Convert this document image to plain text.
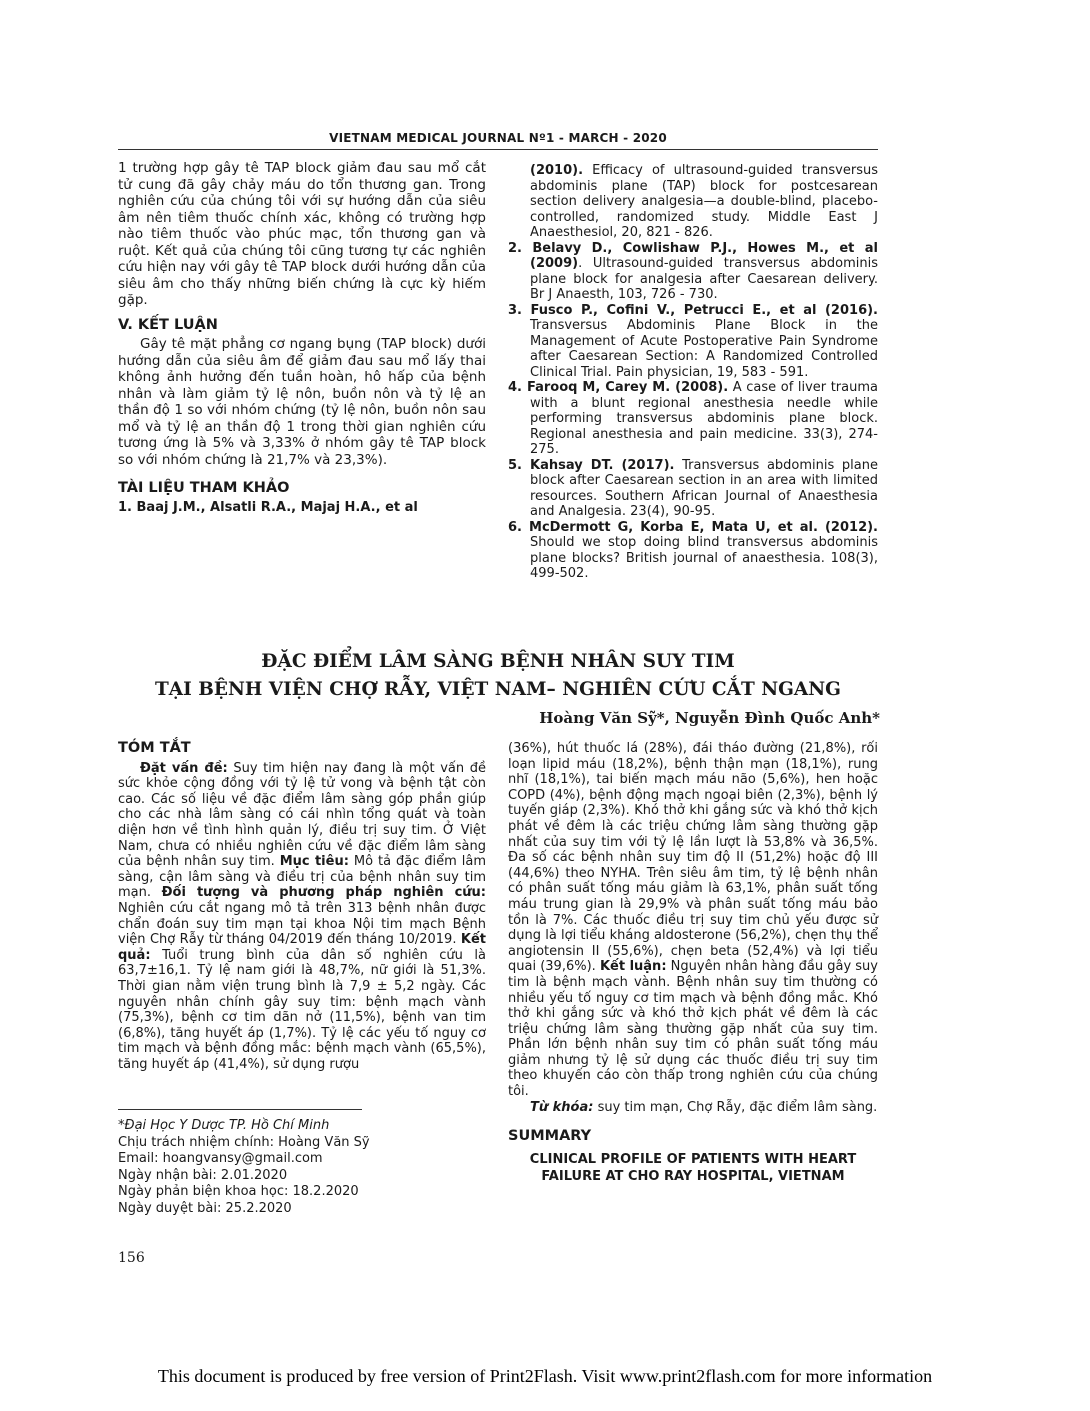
VIETNAM MEDICAL JOURNAL Nº1 - MARCH - 2020

1 trường hợp gây tê TAP block giảm đau sau mổ cắt tử cung đã gây chảy máu do tổn thương gan. Trong nghiên cứu của chúng tôi với sự hướng dẫn của siêu âm nên tiêm thuốc chính xác, không có trường hợp nào tiêm thuốc vào phúc mạc, tổn thương gan và ruột. Kết quả của chúng tôi cũng tương tự các nghiên cứu hiện nay với gây tê TAP block dưới hướng dẫn của siêu âm cho thấy những biến chứng là cực kỳ hiếm gặp.

V. KẾT LUẬN

Gây tê mặt phẳng cơ ngang bụng (TAP block) dưới hướng dẫn của siêu âm để giảm đau sau mổ lấy thai không ảnh hưởng đến tuần hoàn, hô hấp của bệnh nhân và làm giảm tỷ lệ nôn, buồn nôn và tỷ lệ an thần độ 1 so với nhóm chứng (tỷ lệ nôn, buồn nôn sau mổ và tỷ lệ an thần độ 1 trong thời gian nghiên cứu tương ứng là 5% và 3,33% ở nhóm gây tê TAP block so với nhóm chứng là 21,7% và 23,3%).

TÀI LIỆU THAM KHẢO
1. Baaj J.M., Alsatli R.A., Majaj H.A., et al
(2010). Efficacy of ultrasound-guided transversus abdominis plane (TAP) block for postcesarean section delivery analgesia—a double-blind, placebo-controlled, randomized study. Middle East J Anaesthesiol, 20, 821 - 826.
2. Belavy D., Cowlishaw P.J., Howes M., et al (2009). Ultrasound-guided transversus abdominis plane block for analgesia after Caesarean delivery. Br J Anaesth, 103, 726 - 730.
3. Fusco P., Cofini V., Petrucci E., et al (2016). Transversus Abdominis Plane Block in the Management of Acute Postoperative Pain Syndrome after Caesarean Section: A Randomized Controlled Clinical Trial. Pain physician, 19, 583 - 591.
4. Farooq M, Carey M. (2008). A case of liver trauma with a blunt regional anesthesia needle while performing transversus abdominis plane block. Regional anesthesia and pain medicine. 33(3), 274-275.
5. Kahsay DT. (2017). Transversus abdominis plane block after Caesarean section in an area with limited resources. Southern African Journal of Anaesthesia and Analgesia. 23(4), 90-95.
6. McDermott G, Korba E, Mata U, et al. (2012). Should we stop doing blind transversus abdominis plane blocks? British journal of anaesthesia. 108(3), 499-502.
ĐẶC ĐIỂM LÂM SÀNG BỆNH NHÂN SUY TIM
TẠI BỆNH VIỆN CHỢ RẪY, VIỆT NAM– NGHIÊN CỨU CẮT NGANG
Hoàng Văn Sỹ*, Nguyễn Đình Quốc Anh*
TÓM TẮT

Đặt vấn đề: Suy tim hiện nay đang là một vấn đề sức khỏe cộng đồng với tỷ lệ tử vong và bệnh tật còn cao. Các số liệu về đặc điểm lâm sàng góp phần giúp cho các nhà lâm sàng có cái nhìn tổng quát và toàn diện hơn về tình hình quản lý, điều trị suy tim. Ở Việt Nam, chưa có nhiều nghiên cứu về đặc điểm lâm sàng của bệnh nhân suy tim. Mục tiêu: Mô tả đặc điểm lâm sàng, cận lâm sàng và điều trị của bệnh nhân suy tim mạn. Đối tượng và phương pháp nghiên cứu: Nghiên cứu cắt ngang mô tả trên 313 bệnh nhân được chẩn đoán suy tim mạn tại khoa Nội tim mạch Bệnh viện Chợ Rẫy từ tháng 04/2019 đến tháng 10/2019. Kết quả: Tuổi trung bình của dân số nghiên cứu là 63,7±16,1. Tỷ lệ nam giới là 48,7%, nữ giới là 51,3%. Thời gian nằm viện trung bình là 7,9 ± 5,2 ngày. Các nguyên nhân chính gây suy tim: bệnh mạch vành (75,3%), bệnh cơ tim dãn nở (11,5%), bệnh van tim (6,8%), tăng huyết áp (1,7%). Tỷ lệ các yếu tố nguy cơ tim mạch và bệnh đồng mắc: bệnh mạch vành (65,5%), tăng huyết áp (41,4%), sử dụng rượu

(36%), hút thuốc lá (28%), đái tháo đường (21,8%), rối loạn lipid máu (18,2%), bệnh thận mạn (18,1%), rung nhĩ (18,1%), tai biến mạch máu não (5,6%), hen hoặc COPD (4%), bệnh động mạch ngoại biên (2,3%), bệnh lý tuyến giáp (2,3%). Khó thở khi gắng sức và khó thở kịch phát về đêm là các triệu chứng lâm sàng thường gặp nhất của suy tim với tỷ lệ lần lượt là 53,8% và 36,5%. Đa số các bệnh nhân suy tim độ II (51,2%) hoặc độ III (44,6%) theo NYHA. Trên siêu âm tim, tỷ lệ bệnh nhân có phân suất tống máu giảm là 63,1%, phân suất tống máu trung gian là 29,9% và phân suất tống máu bảo tồn là 7%. Các thuốc điều trị suy tim chủ yếu được sử dụng là lợi tiểu kháng aldosterone (56,2%), chẹn thụ thể angiotensin II (55,6%), chẹn beta (52,4%) và lợi tiểu quai (39,6%). Kết luận: Nguyên nhân hàng đầu gây suy tim là bệnh mạch vành. Bệnh nhân suy tim thường có nhiều yếu tố nguy cơ tim mạch và bệnh đồng mắc. Khó thở khi gắng sức và khó thở kịch phát về đêm là các triệu chứng lâm sàng thường gặp nhất của suy tim. Phần lớn bệnh nhân suy tim có phân suất tống máu giảm nhưng tỷ lệ sử dụng các thuốc điều trị suy tim theo khuyến cáo còn thấp trong nghiên cứu của chúng tôi.

Từ khóa: suy tim mạn, Chợ Rẫy, đặc điểm lâm sàng.

SUMMARY
CLINICAL PROFILE OF PATIENTS WITH HEART FAILURE AT CHO RAY HOSPITAL, VIETNAM
*Đại Học Y Dược TP. Hồ Chí Minh
Chịu trách nhiệm chính: Hoàng Văn Sỹ
Email: hoangvansy@gmail.com
Ngày nhận bài: 2.01.2020
Ngày phản biện khoa học: 18.2.2020
Ngày duyệt bài: 25.2.2020
156
This document is produced by free version of Print2Flash. Visit www.print2flash.com for more information
